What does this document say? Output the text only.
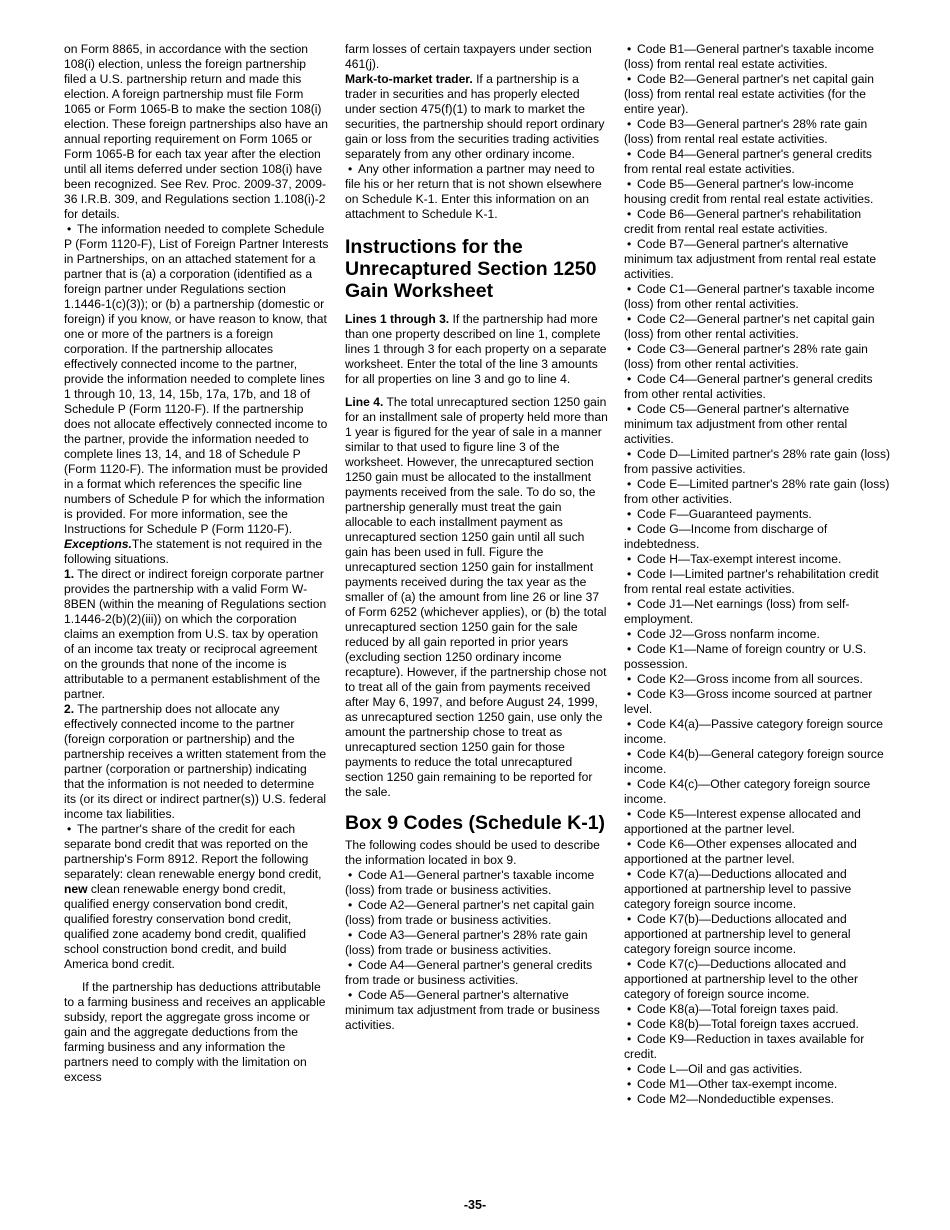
on Form 8865, in accordance with the section 108(i) election, unless the foreign partnership filed a U.S. partnership return and made this election. A foreign partnership must file Form 1065 or Form 1065-B to make the section 108(i) election. These foreign partnerships also have an annual reporting requirement on Form 1065 or Form 1065-B for each tax year after the election until all items deferred under section 108(i) have been recognized. See Rev. Proc. 2009-37, 2009-36 I.R.B. 309, and Regulations section 1.108(i)-2 for details.

• The information needed to complete Schedule P (Form 1120-F), List of Foreign Partner Interests in Partnerships, on an attached statement for a partner that is (a) a corporation (identified as a foreign partner under Regulations section 1.1446-1(c)(3)); or (b) a partnership (domestic or foreign) if you know, or have reason to know, that one or more of the partners is a foreign corporation. If the partnership allocates effectively connected income to the partner, provide the information needed to complete lines 1 through 10, 13, 14, 15b, 17a, 17b, and 18 of Schedule P (Form 1120-F). If the partnership does not allocate effectively connected income to the partner, provide the information needed to complete lines 13, 14, and 18 of Schedule P (Form 1120-F). The information must be provided in a format which references the specific line numbers of Schedule P for which the information is provided. For more information, see the Instructions for Schedule P (Form 1120-F).

Exceptions.The statement is not required in the following situations.

1. The direct or indirect foreign corporate partner provides the partnership with a valid Form W-8BEN (within the meaning of Regulations section 1.1446-2(b)(2)(iii)) on which the corporation claims an exemption from U.S. tax by operation of an income tax treaty or reciprocal agreement on the grounds that none of the income is attributable to a permanent establishment of the partner.

2. The partnership does not allocate any effectively connected income to the partner (foreign corporation or partnership) and the partnership receives a written statement from the partner (corporation or partnership) indicating that the information is not needed to determine its (or its direct or indirect partner(s)) U.S. federal income tax liabilities.

• The partner's share of the credit for each separate bond credit that was reported on the partnership's Form 8912. Report the following separately: clean renewable energy bond credit, new clean renewable energy bond credit, qualified energy conservation bond credit, qualified forestry conservation bond credit, qualified zone academy bond credit, qualified school construction bond credit, and build America bond credit.

If the partnership has deductions attributable to a farming business and receives an applicable subsidy, report the aggregate gross income or gain and the aggregate deductions from the farming business and any information the partners need to comply with the limitation on excess

farm losses of certain taxpayers under section 461(j).

Mark-to-market trader. If a partnership is a trader in securities and has properly elected under section 475(f)(1) to mark to market the securities, the partnership should report ordinary gain or loss from the securities trading activities separately from any other ordinary income.

• Any other information a partner may need to file his or her return that is not shown elsewhere on Schedule K-1. Enter this information on an attachment to Schedule K-1.

Instructions for the Unrecaptured Section 1250 Gain Worksheet

Lines 1 through 3. If the partnership had more than one property described on line 1, complete lines 1 through 3 for each property on a separate worksheet. Enter the total of the line 3 amounts for all properties on line 3 and go to line 4.

Line 4. The total unrecaptured section 1250 gain for an installment sale of property held more than 1 year is figured for the year of sale in a manner similar to that used to figure line 3 of the worksheet. However, the unrecaptured section 1250 gain must be allocated to the installment payments received from the sale. To do so, the partnership generally must treat the gain allocable to each installment payment as unrecaptured section 1250 gain until all such gain has been used in full. Figure the unrecaptured section 1250 gain for installment payments received during the tax year as the smaller of (a) the amount from line 26 or line 37 of Form 6252 (whichever applies), or (b) the total unrecaptured section 1250 gain for the sale reduced by all gain reported in prior years (excluding section 1250 ordinary income recapture). However, if the partnership chose not to treat all of the gain from payments received after May 6, 1997, and before August 24, 1999, as unrecaptured section 1250 gain, use only the amount the partnership chose to treat as unrecaptured section 1250 gain for those payments to reduce the total unrecaptured section 1250 gain remaining to be reported for the sale.

Box 9 Codes (Schedule K-1)

The following codes should be used to describe the information located in box 9.

• Code A1—General partner's taxable income (loss) from trade or business activities.

• Code A2—General partner's net capital gain (loss) from trade or business activities.

• Code A3—General partner's 28% rate gain (loss) from trade or business activities.

• Code A4—General partner's general credits from trade or business activities.

• Code A5—General partner's alternative minimum tax adjustment from trade or business activities.

• Code B1—General partner's taxable income (loss) from rental real estate activities.

• Code B2—General partner's net capital gain (loss) from rental real estate activities (for the entire year).

• Code B3—General partner's 28% rate gain (loss) from rental real estate activities.

• Code B4—General partner's general credits from rental real estate activities.

• Code B5—General partner's low-income housing credit from rental real estate activities.

• Code B6—General partner's rehabilitation credit from rental real estate activities.

• Code B7—General partner's alternative minimum tax adjustment from rental real estate activities.

• Code C1—General partner's taxable income (loss) from other rental activities.

• Code C2—General partner's net capital gain (loss) from other rental activities.

• Code C3—General partner's 28% rate gain (loss) from other rental activities.

• Code C4—General partner's general credits from other rental activities.

• Code C5—General partner's alternative minimum tax adjustment from other rental activities.

• Code D—Limited partner's 28% rate gain (loss) from passive activities.

• Code E—Limited partner's 28% rate gain (loss) from other activities.

• Code F—Guaranteed payments.

• Code G—Income from discharge of indebtedness.

• Code H—Tax-exempt interest income.

• Code I—Limited partner's rehabilitation credit from rental real estate activities.

• Code J1—Net earnings (loss) from self-employment.

• Code J2—Gross nonfarm income.

• Code K1—Name of foreign country or U.S. possession.

• Code K2—Gross income from all sources.

• Code K3—Gross income sourced at partner level.

• Code K4(a)—Passive category foreign source income.

• Code K4(b)—General category foreign source income.

• Code K4(c)—Other category foreign source income.

• Code K5—Interest expense allocated and apportioned at the partner level.

• Code K6—Other expenses allocated and apportioned at the partner level.

• Code K7(a)—Deductions allocated and apportioned at partnership level to passive category foreign source income.

• Code K7(b)—Deductions allocated and apportioned at partnership level to general category foreign source income.

• Code K7(c)—Deductions allocated and apportioned at partnership level to the other category of foreign source income.

• Code K8(a)—Total foreign taxes paid.

• Code K8(b)—Total foreign taxes accrued.

• Code K9—Reduction in taxes available for credit.

• Code L—Oil and gas activities.

• Code M1—Other tax-exempt income.

• Code M2—Nondeductible expenses.

-35-
